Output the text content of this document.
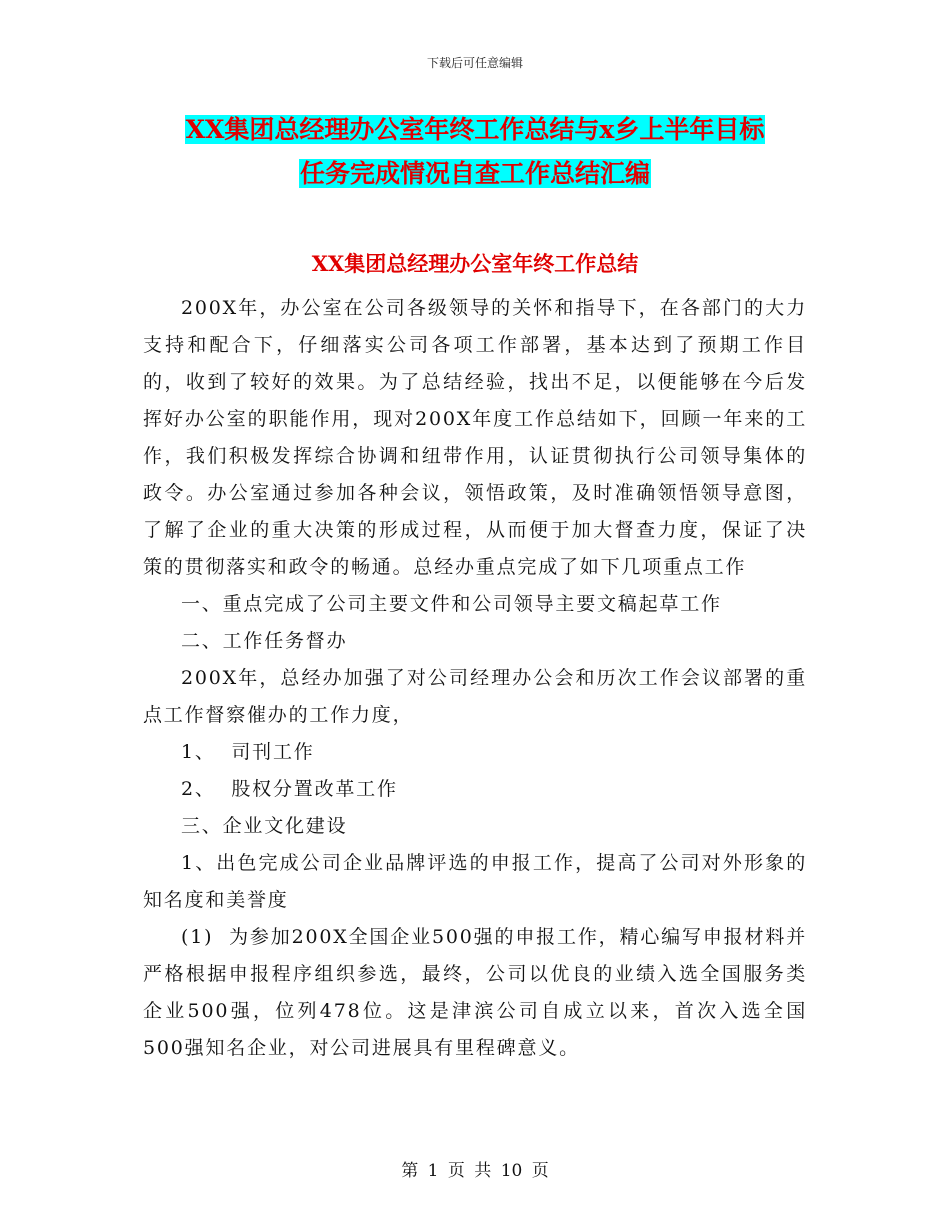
下载后可任意编辑
XX集团总经理办公室年终工作总结与x乡上半年目标
任务完成情况自查工作总结汇编
XX集团总经理办公室年终工作总结

200X年，办公室在公司各级领导的关怀和指导下，在各部门的大力支持和配合下，仔细落实公司各项工作部署，基本达到了预期工作目的，收到了较好的效果。为了总结经验，找出不足，以便能够在今后发挥好办公室的职能作用，现对200X年度工作总结如下，回顾一年来的工作，我们积极发挥综合协调和纽带作用，认证贯彻执行公司领导集体的政令。办公室通过参加各种会议，领悟政策，及时准确领悟领导意图，了解了企业的重大决策的形成过程，从而便于加大督查力度，保证了决策的贯彻落实和政令的畅通。总经办重点完成了如下几项重点工作

一、重点完成了公司主要文件和公司领导主要文稿起草工作

二、工作任务督办

200X年，总经办加强了对公司经理办公会和历次工作会议部署的重点工作督察催办的工作力度，

1、  司刊工作

2、  股权分置改革工作

三、企业文化建设

1、出色完成公司企业品牌评选的申报工作，提高了公司对外形象的知名度和美誉度

(1)  为参加200X全国企业500强的申报工作，精心编写申报材料并严格根据申报程序组织参选，最终，公司以优良的业绩入选全国服务类企业500强，位列478位。这是津滨公司自成立以来，首次入选全国500强知名企业，对公司进展具有里程碑意义。

第 1 页 共 10 页
